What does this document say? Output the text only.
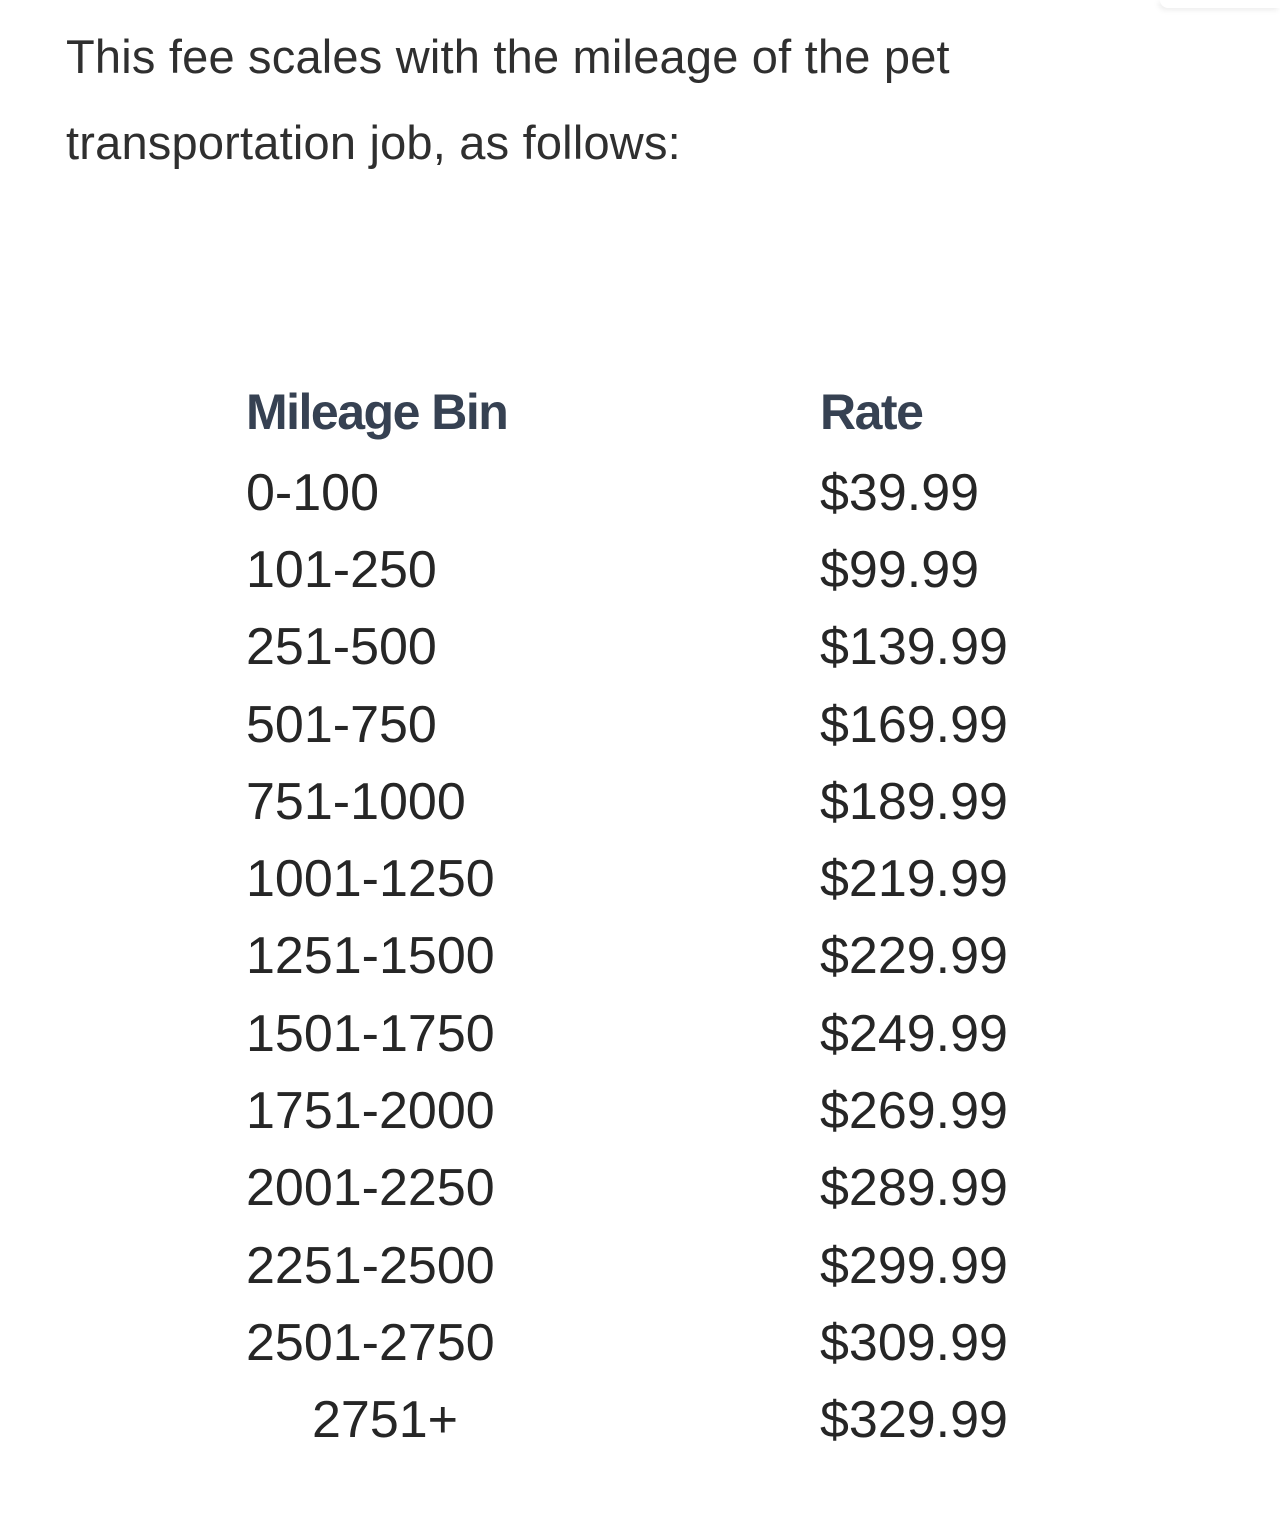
This fee scales with the mileage of the pet
transportation job, as follows:

Mileage Bin	Rate
0-100	$39.99
101-250	$99.99
251-500	$139.99
501-750	$169.99
751-1000	$189.99
1001-1250	$219.99
1251-1500	$229.99
1501-1750	$249.99
1751-2000	$269.99
2001-2250	$289.99
2251-2500	$299.99
2501-2750	$309.99
2751+	$329.99
